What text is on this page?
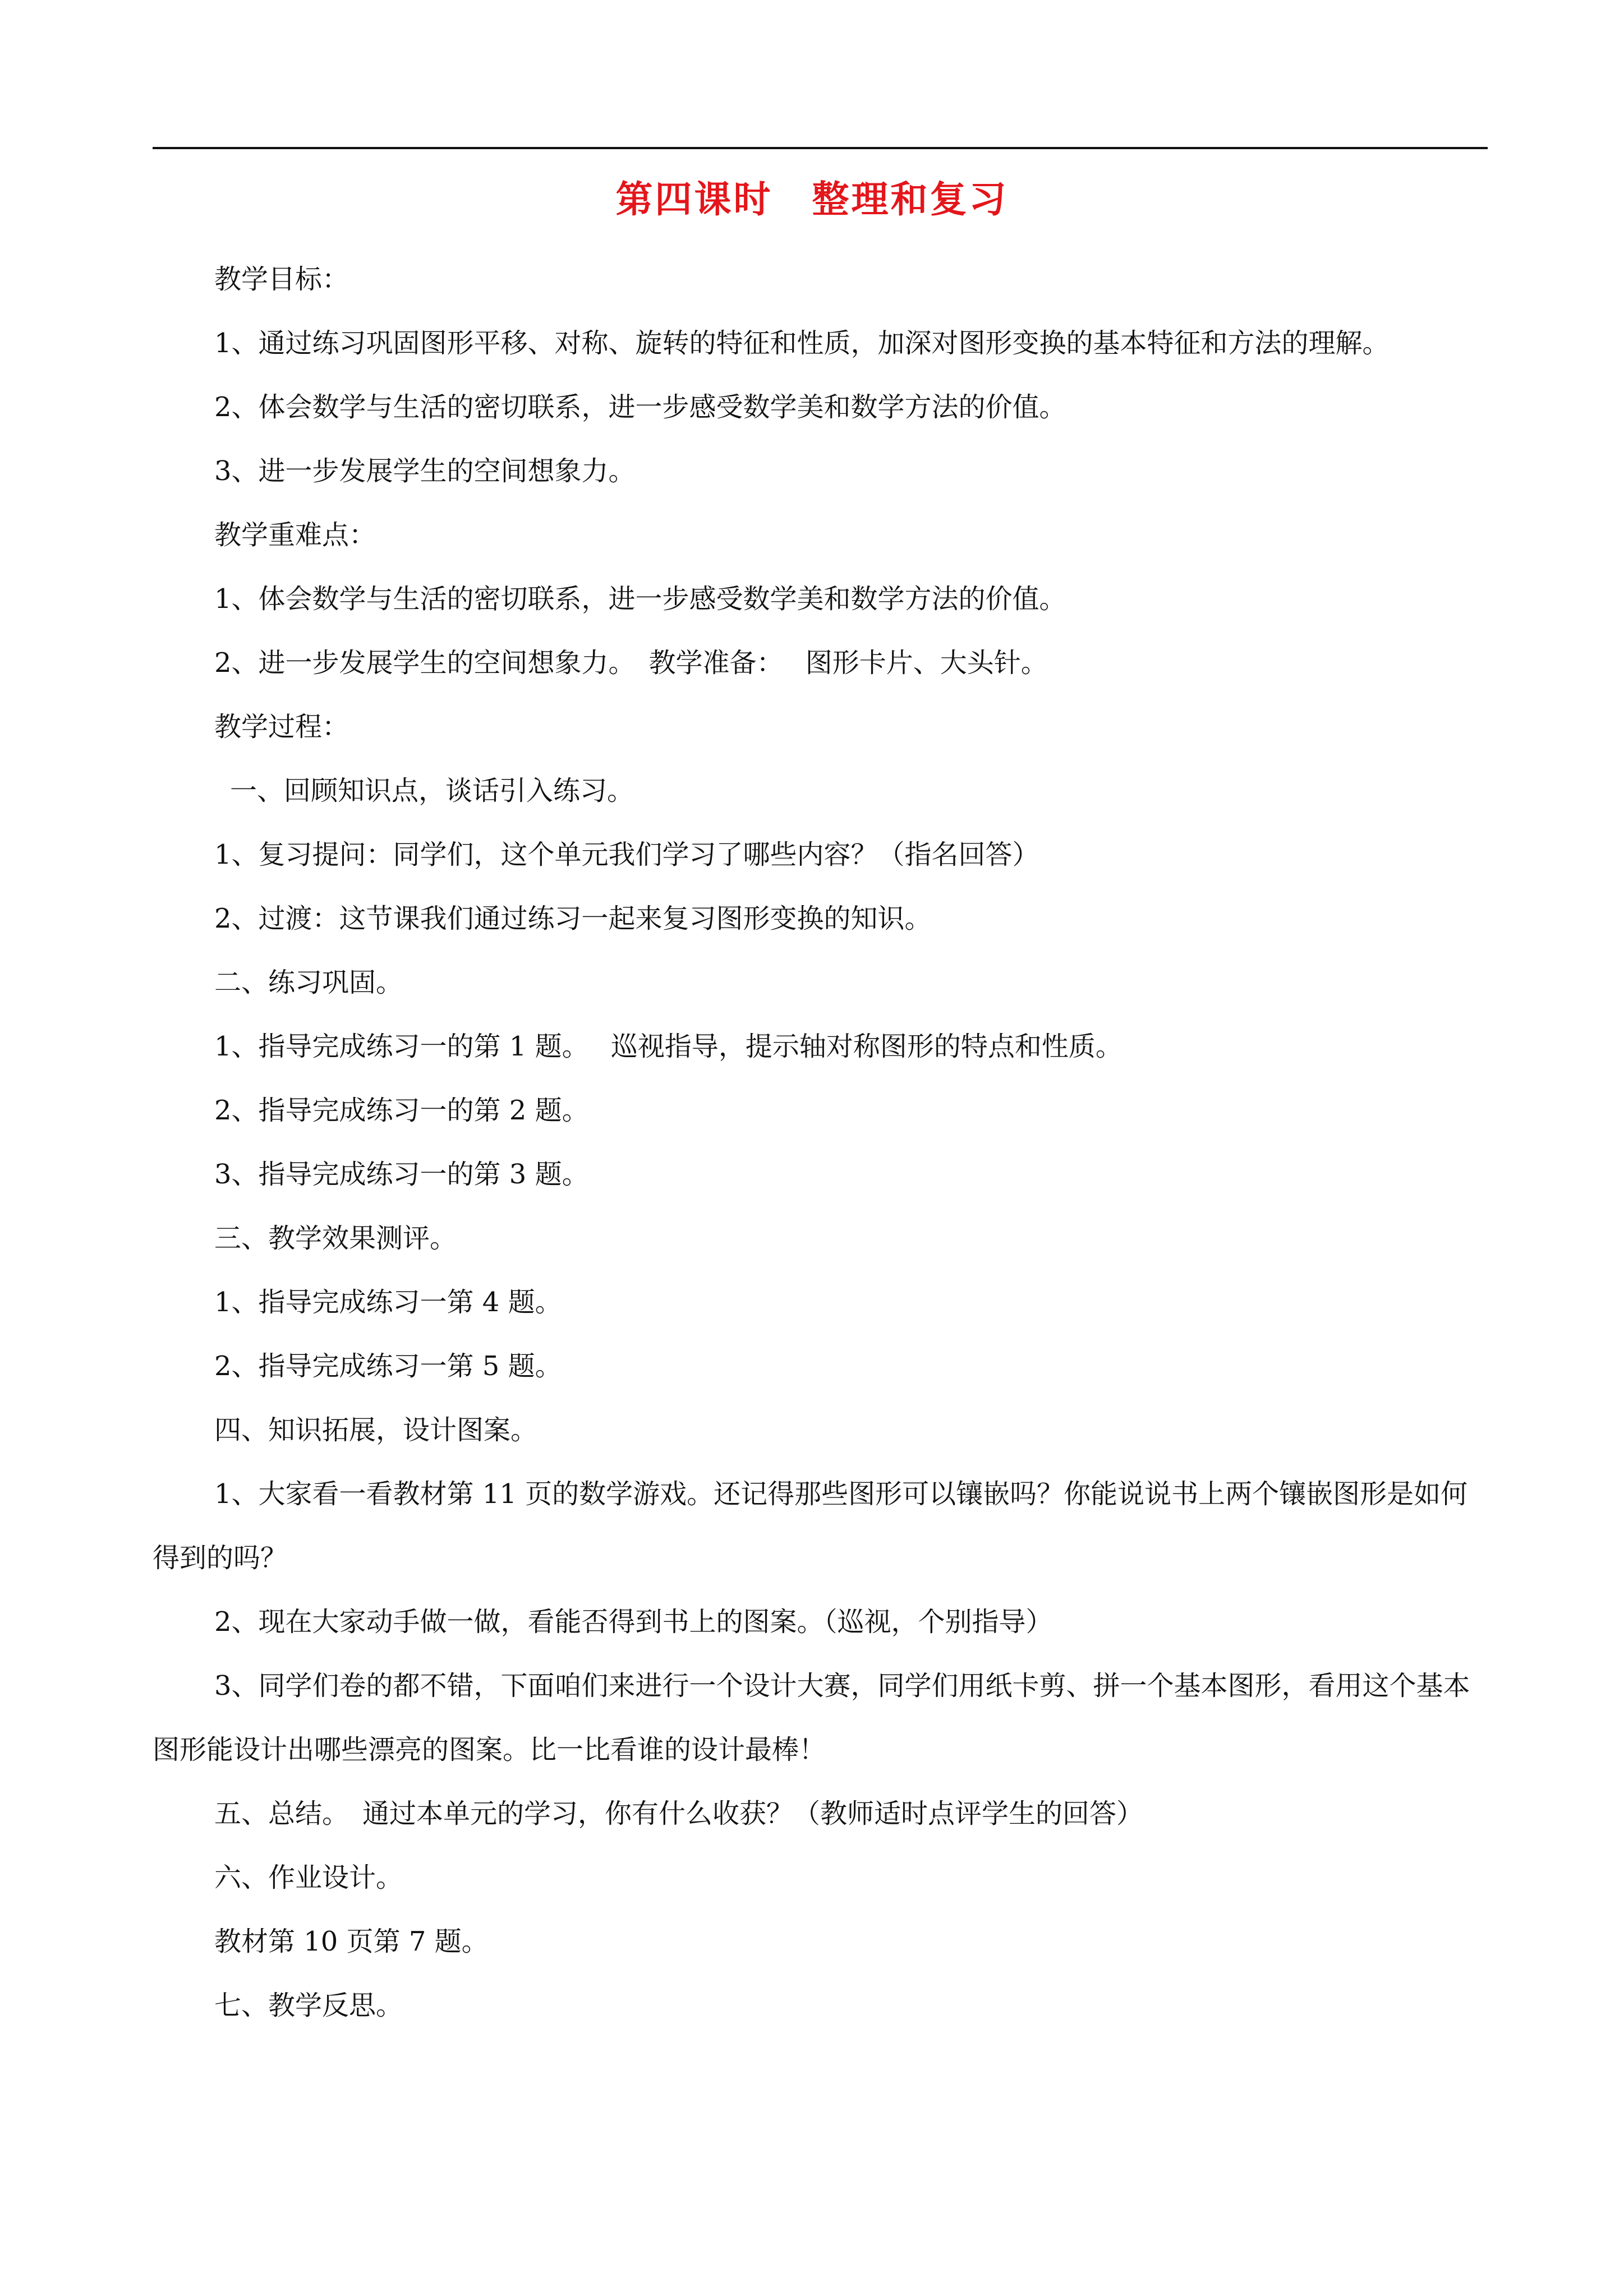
第四课时　整理和复习

教学目标：

1、通过练习巩固图形平移、对称、旋转的特征和性质，加深对图形变换的基本特征和方法的理解。

2、体会数学与生活的密切联系，进一步感受数学美和数学方法的价值。

3、进一步发展学生的空间想象力。

教学重难点：

1、体会数学与生活的密切联系，进一步感受数学美和数学方法的价值。

2、进一步发展学生的空间想象力。　教学准备：　 图形卡片、大头针。

教学过程：

一、回顾知识点，谈话引入练习。

1、复习提问：同学们，这个单元我们学习了哪些内容？（指名回答）

2、过渡：这节课我们通过练习一起来复习图形变换的知识。

二、练习巩固。

1、指导完成练习一的第 1 题。　 巡视指导，提示轴对称图形的特点和性质。

2、指导完成练习一的第 2 题。

3、指导完成练习一的第 3 题。

三、教学效果测评。

1、指导完成练习一第 4 题。

2、指导完成练习一第 5 题。

四、知识拓展，设计图案。

1、大家看一看教材第 11 页的数学游戏。还记得那些图形可以镶嵌吗？你能说说书上两个镶嵌图形是如何得到的吗？

2、现在大家动手做一做，看能否得到书上的图案。（巡视，个别指导）

3、同学们卷的都不错，下面咱们来进行一个设计大赛，同学们用纸卡剪、拼一个基本图形，看用这个基本图形能设计出哪些漂亮的图案。比一比看谁的设计最棒！

五、总结。　通过本单元的学习，你有什么收获？（教师适时点评学生的回答）

六、作业设计。

教材第 10 页第 7 题。

七、教学反思。
